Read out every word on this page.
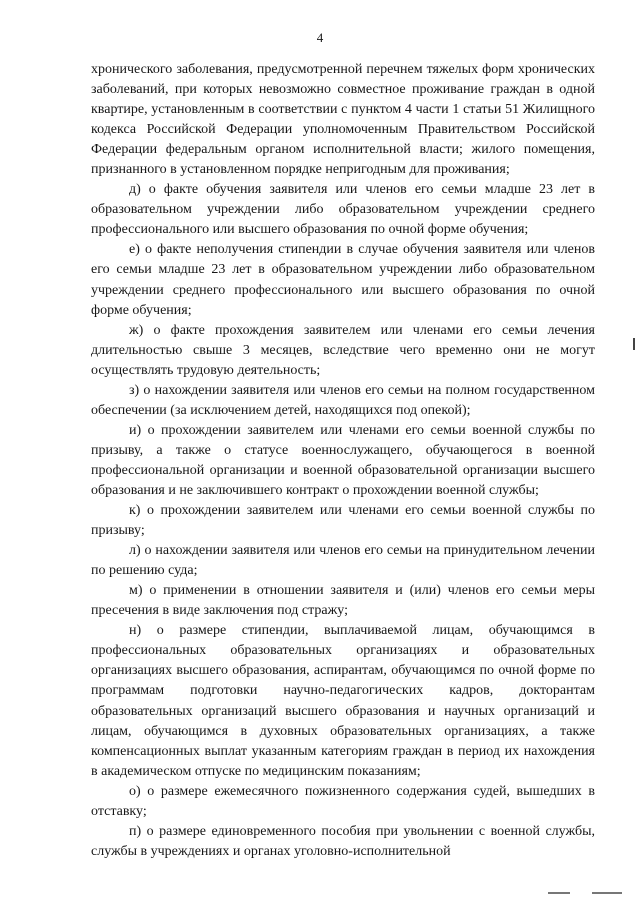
4

хронического заболевания, предусмотренной перечнем тяжелых форм хронических заболеваний, при которых невозможно совместное проживание граждан в одной квартире, установленным в соответствии с пунктом 4 части 1 статьи 51 Жилищного кодекса Российской Федерации уполномоченным Правительством Российской Федерации федеральным органом исполнительной власти; жилого помещения, признанного в установленном порядке непригодным для проживания;

д) о факте обучения заявителя или членов его семьи младше 23 лет в образовательном учреждении либо образовательном учреждении среднего профессионального или высшего образования по очной форме обучения;

е) о факте неполучения стипендии в случае обучения заявителя или членов его семьи младше 23 лет в образовательном учреждении либо образовательном учреждении среднего профессионального или высшего образования по очной форме обучения;

ж) о факте прохождения заявителем или членами его семьи лечения длительностью свыше 3 месяцев, вследствие чего временно они не могут осуществлять трудовую деятельность;

з) о нахождении заявителя или членов его семьи на полном государственном обеспечении (за исключением детей, находящихся под опекой);

и) о прохождении заявителем или членами его семьи военной службы по призыву, а также о статусе военнослужащего, обучающегося в военной профессиональной организации и военной образовательной организации высшего образования и не заключившего контракт о прохождении военной службы;

к) о прохождении заявителем или членами его семьи военной службы по призыву;

л) о нахождении заявителя или членов его семьи на принудительном лечении по решению суда;

м) о применении в отношении заявителя и (или) членов его семьи меры пресечения в виде заключения под стражу;

н) о размере стипендии, выплачиваемой лицам, обучающимся в профессиональных образовательных организациях и образовательных организациях высшего образования, аспирантам, обучающимся по очной форме по программам подготовки научно-педагогических кадров, докторантам образовательных организаций высшего образования и научных организаций и лицам, обучающимся в духовных образовательных организациях, а также компенсационных выплат указанным категориям граждан в период их нахождения в академическом отпуске по медицинским показаниям;

о) о размере ежемесячного пожизненного содержания судей, вышедших в отставку;

п) о размере единовременного пособия при увольнении с военной службы, службы в учреждениях и органах уголовно-исполнительной
